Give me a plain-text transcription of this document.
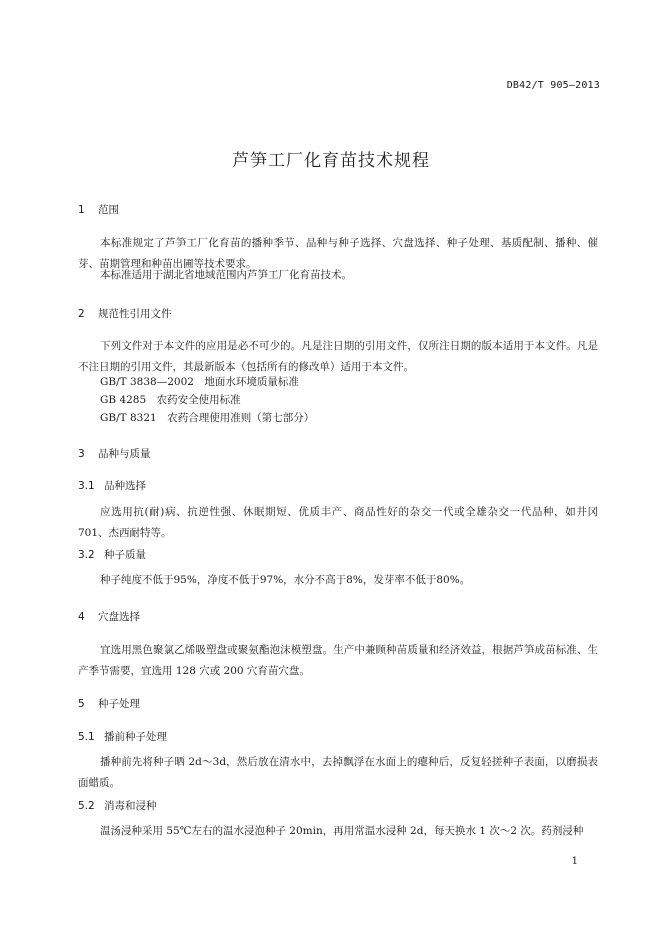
DB42/T 905—2013
芦笋工厂化育苗技术规程
1 范围
本标准规定了芦笋工厂化育苗的播种季节、品种与种子选择、穴盘选择、种子处理、基质配制、播种、催芽、苗期管理和种苗出圃等技术要求。
本标准适用于湖北省地域范围内芦笋工厂化育苗技术。
2 规范性引用文件
下列文件对于本文件的应用是必不可少的。凡是注日期的引用文件，仅所注日期的版本适用于本文件。凡是不注日期的引用文件，其最新版本（包括所有的修改单）适用于本文件。
GB/T 3838—2002　地面水环境质量标准
GB 4285　农药安全使用标准
GB/T 8321　农药合理使用准则（第七部分）
3 品种与质量
3.1 品种选择
应选用抗(耐)病、抗逆性强、休眠期短、优质丰产、商品性好的杂交一代或全雄杂交一代品种，如井冈 701、杰西耐特等。
3.2 种子质量
种子纯度不低于95%，净度不低于97%，水分不高于8%，发芽率不低于80%。
4 穴盘选择
宜选用黑色聚氯乙烯吸塑盘或聚氨酯泡沫模塑盘。生产中兼顾种苗质量和经济效益，根据芦笋成苗标准、生产季节需要，宜选用 128 穴或 200 穴育苗穴盘。
5 种子处理
5.1 播前种子处理
播种前先将种子晒 2d～3d，然后放在清水中，去掉飘浮在水面上的瘪种后，反复轻搓种子表面，以磨损表面蜡质。
5.2 消毒和浸种
温汤浸种采用 55℃左右的温水浸泡种子 20min，再用常温水浸种 2d，每天换水 1 次～2 次。药剂浸种
1
